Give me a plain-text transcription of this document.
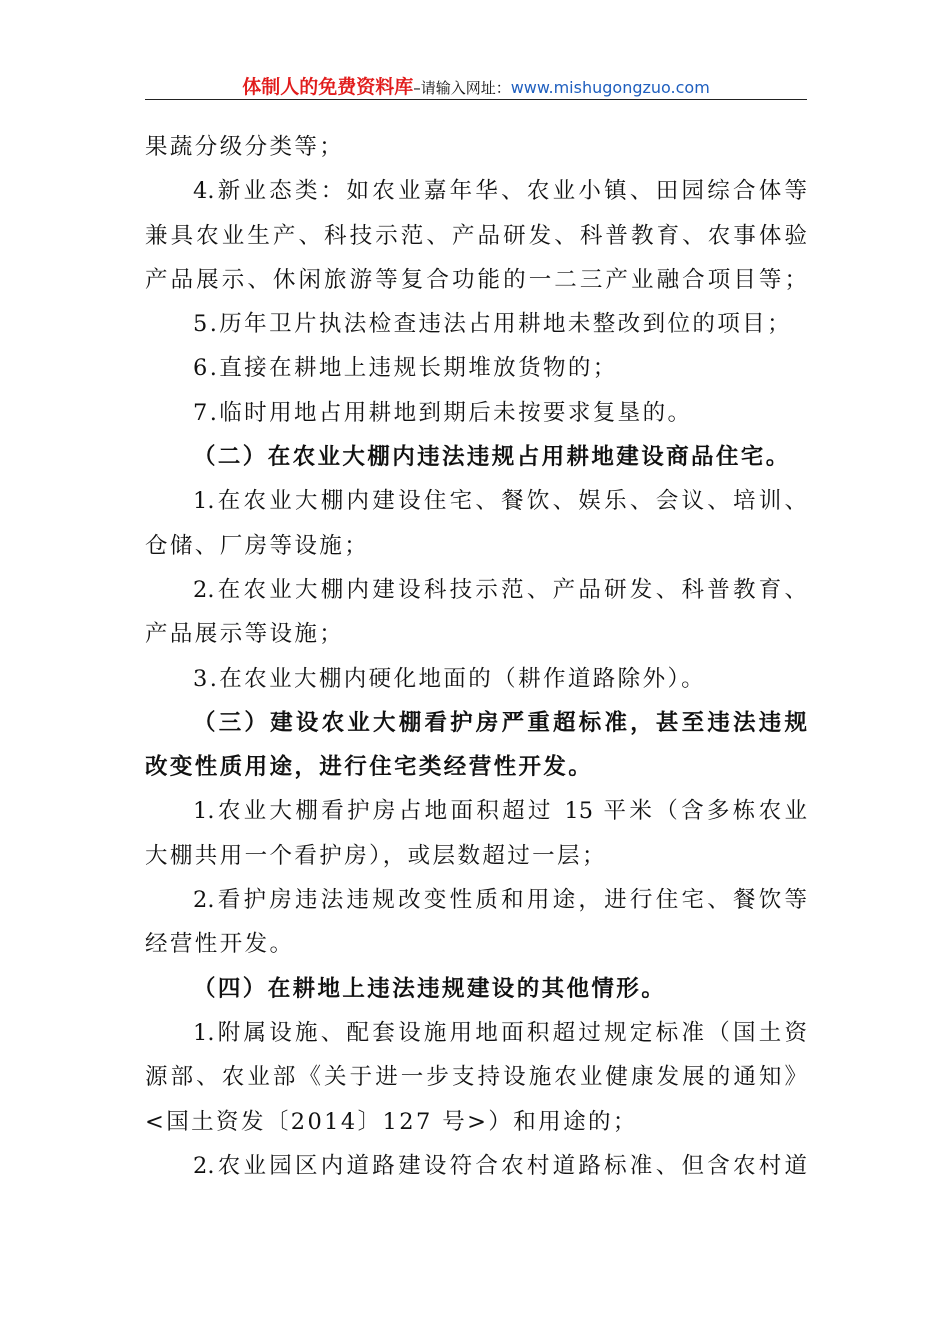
体制人的免费资料库–请输入网址：www.mishugongzuo.com
果蔬分级分类等；
4.新业态类：如农业嘉年华、农业小镇、田园综合体等
兼具农业生产、科技示范、产品研发、科普教育、农事体验
产品展示、休闲旅游等复合功能的一二三产业融合项目等；
5.历年卫片执法检查违法占用耕地未整改到位的项目；
6.直接在耕地上违规长期堆放货物的；
7.临时用地占用耕地到期后未按要求复垦的。
（二）在农业大棚内违法违规占用耕地建设商品住宅。
1.在农业大棚内建设住宅、餐饮、娱乐、会议、培训、
仓储、厂房等设施；
2.在农业大棚内建设科技示范、产品研发、科普教育、
产品展示等设施；
3.在农业大棚内硬化地面的（耕作道路除外）。
（三）建设农业大棚看护房严重超标准，甚至违法违规
改变性质用途，进行住宅类经营性开发。
1.农业大棚看护房占地面积超过 15 平米（含多栋农业
大棚共用一个看护房），或层数超过一层；
2.看护房违法违规改变性质和用途，进行住宅、餐饮等
经营性开发。
（四）在耕地上违法违规建设的其他情形。
1.附属设施、配套设施用地面积超过规定标准（国土资
源部、农业部《关于进一步支持设施农业健康发展的通知》
<国土资发〔2014〕127 号>）和用途的；
2.农业园区内道路建设符合农村道路标准、但含农村道
